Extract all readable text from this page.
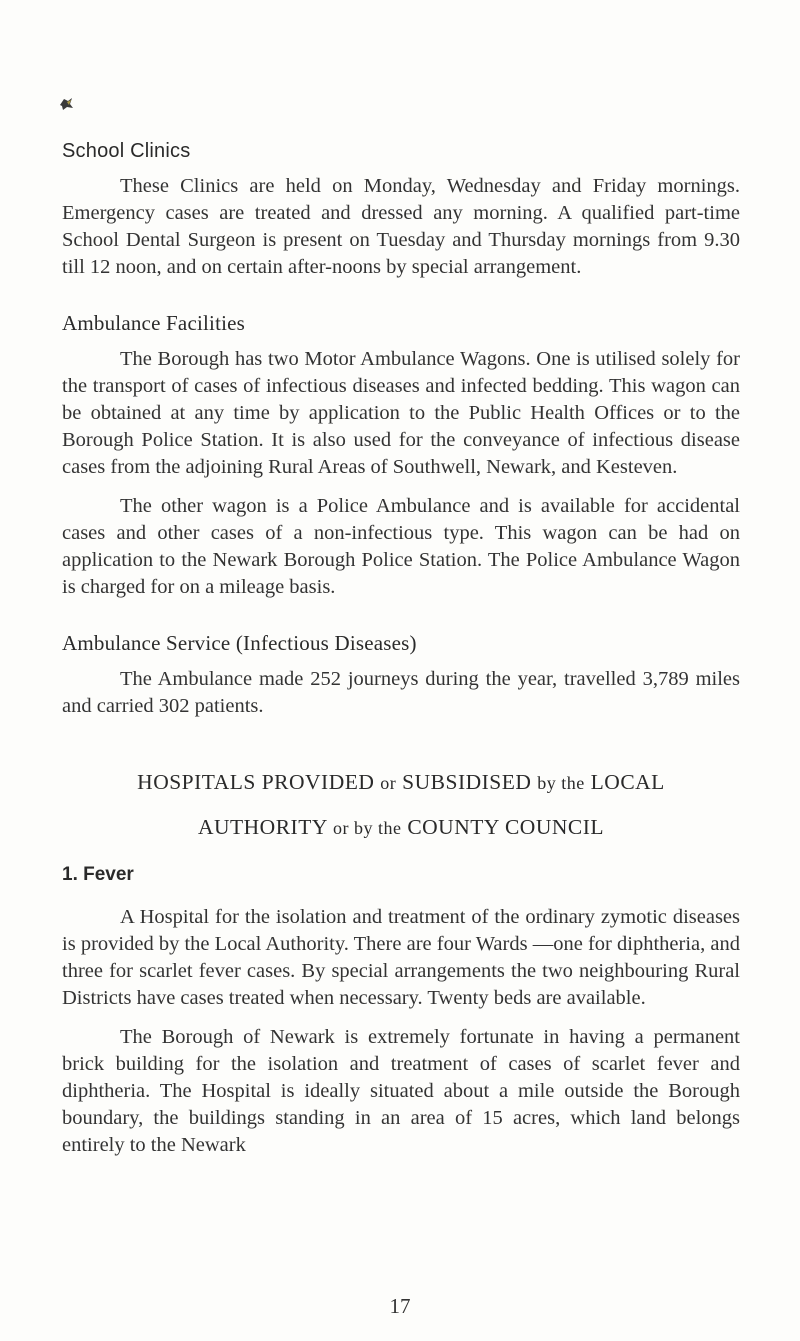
School Clinics

These Clinics are held on Monday, Wednesday and Friday mornings. Emergency cases are treated and dressed any morning. A qualified part-time School Dental Surgeon is present on Tuesday and Thursday mornings from 9.30 till 12 noon, and on certain after-noons by special arrangement.

Ambulance Facilities

The Borough has two Motor Ambulance Wagons. One is utilised solely for the transport of cases of infectious diseases and infected bedding. This wagon can be obtained at any time by application to the Public Health Offices or to the Borough Police Station. It is also used for the conveyance of infectious disease cases from the adjoining Rural Areas of Southwell, Newark, and Kesteven.

The other wagon is a Police Ambulance and is available for accidental cases and other cases of a non-infectious type. This wagon can be had on application to the Newark Borough Police Station. The Police Ambulance Wagon is charged for on a mileage basis.

Ambulance Service (Infectious Diseases)

The Ambulance made 252 journeys during the year, travelled 3,789 miles and carried 302 patients.

HOSPITALS PROVIDED or SUBSIDISED by the LOCAL
AUTHORITY or by the COUNTY COUNCIL
1. Fever

A Hospital for the isolation and treatment of the ordinary zymotic diseases is provided by the Local Authority. There are four Wards —one for diphtheria, and three for scarlet fever cases. By special arrangements the two neighbouring Rural Districts have cases treated when necessary. Twenty beds are available.

The Borough of Newark is extremely fortunate in having a permanent brick building for the isolation and treatment of cases of scarlet fever and diphtheria. The Hospital is ideally situated about a mile outside the Borough boundary, the buildings standing in an area of 15 acres, which land belongs entirely to the Newark

17
